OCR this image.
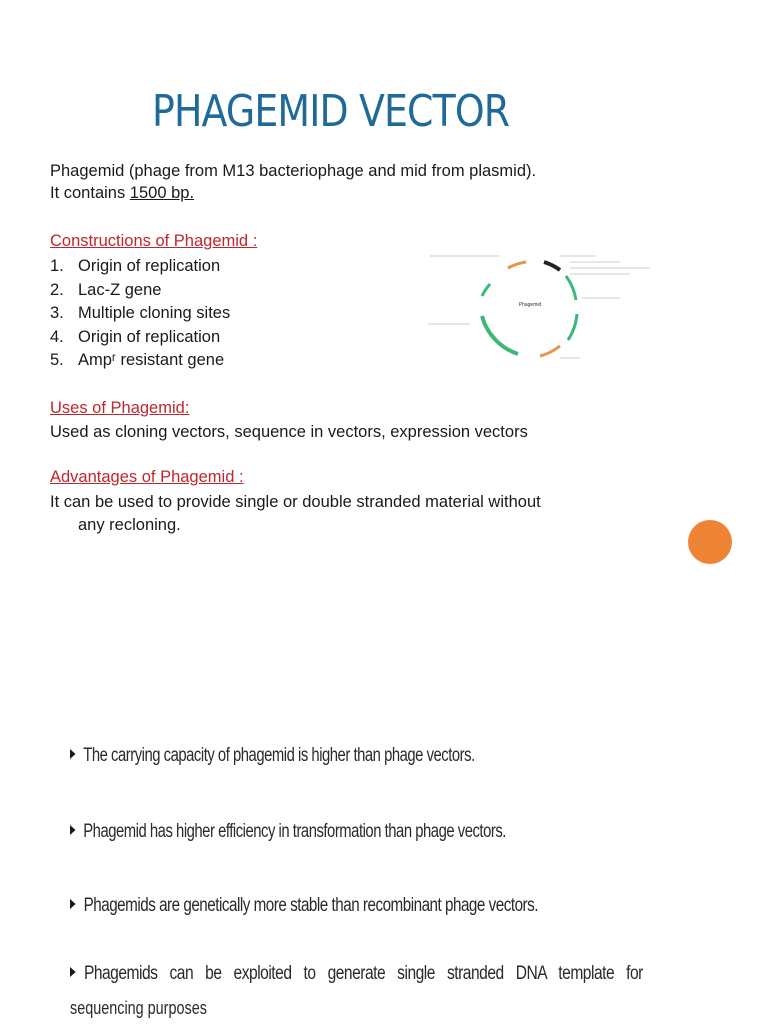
PHAGEMID VECTOR
Phagemid (phage from M13 bacteriophage and mid from plasmid).
It contains 1500 bp.
Constructions of Phagemid :
1. Origin of replication
2. Lac-Z gene
3. Multiple cloning sites
4. Origin of replication
5. Ampʳ resistant gene
Phagemid
Uses of Phagemid:
Used as cloning vectors, sequence in vectors, expression vectors
Advantages of Phagemid :
It can be used to provide single or double stranded material without
any recloning.
The carrying capacity of phagemid is higher than phage vectors.
Phagemid has higher efficiency in transformation than phage vectors.
Phagemids are genetically more stable than recombinant phage vectors.
Phagemids can be exploited to generate single stranded DNA template for
sequencing purposes
